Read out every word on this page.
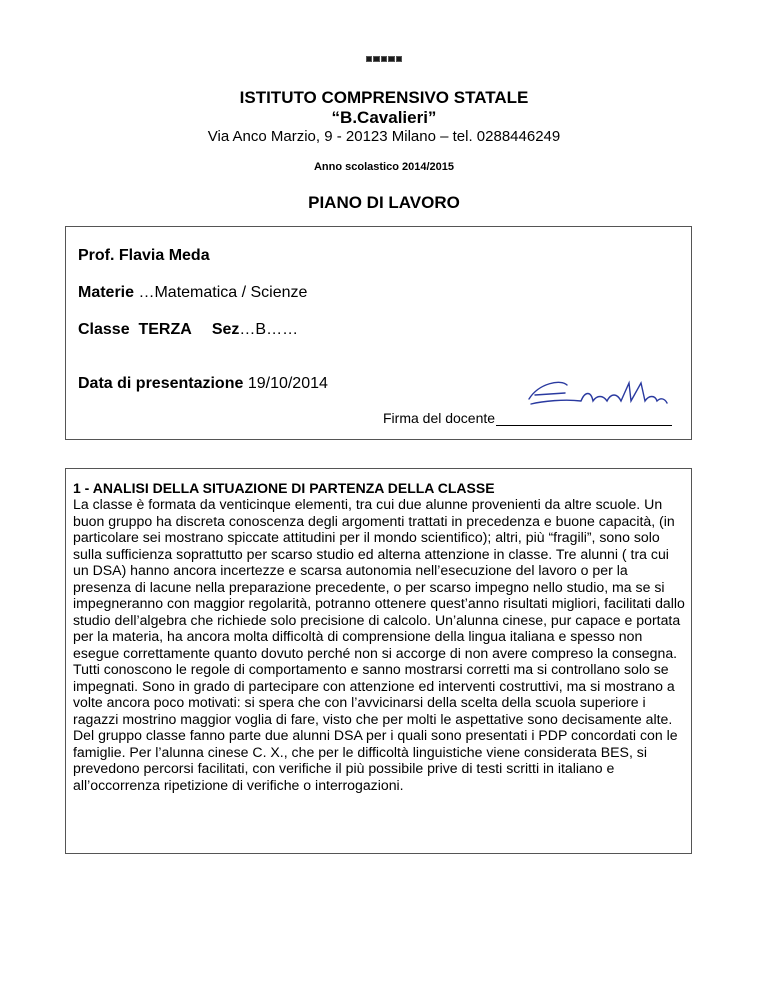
ISTITUTO COMPRENSIVO STATALE
“B.Cavalieri”
Via Anco Marzio, 9 - 20123 Milano – tel. 0288446249
Anno scolastico 2014/2015
PIANO DI LAVORO
Prof. Flavia Meda
Materie …Matematica / Scienze
Classe  TERZA Sez…B……
Data di presentazione 19/10/2014
Firma del docente
1 - ANALISI DELLA SITUAZIONE DI PARTENZA DELLA CLASSE

La classe è formata da venticinque elementi, tra cui due alunne provenienti da altre scuole. Un buon gruppo ha discreta conoscenza degli argomenti trattati in precedenza e buone capacità, (in particolare sei mostrano spiccate attitudini per il mondo scientifico); altri, più “fragili”, sono solo sulla sufficienza soprattutto per scarso studio ed alterna attenzione in classe. Tre alunni ( tra cui un DSA) hanno ancora incertezze e scarsa autonomia nell’esecuzione del lavoro o per la presenza di lacune nella preparazione precedente, o per scarso impegno nello studio, ma se si impegneranno con maggior regolarità, potranno ottenere quest’anno risultati migliori, facilitati dallo studio dell’algebra che richiede solo precisione di calcolo. Un’alunna cinese, pur capace e portata per la materia, ha ancora molta difficoltà di comprensione della lingua italiana e spesso non esegue correttamente quanto dovuto perché non si accorge di non avere compreso la consegna.

Tutti conoscono le regole di comportamento e sanno mostrarsi corretti ma si controllano solo se impegnati. Sono in grado di partecipare con attenzione ed interventi costruttivi, ma si mostrano a volte ancora poco motivati: si spera che con l’avvicinarsi della scelta della scuola superiore i ragazzi mostrino maggior voglia di fare, visto che per molti le aspettative sono decisamente alte.

Del gruppo classe fanno parte due alunni DSA per i quali sono presentati i PDP concordati con le famiglie. Per l’alunna cinese C. X., che per le difficoltà linguistiche viene considerata BES, si prevedono percorsi facilitati, con verifiche il più possibile prive di testi scritti in italiano e all’occorrenza ripetizione di verifiche o interrogazioni.
